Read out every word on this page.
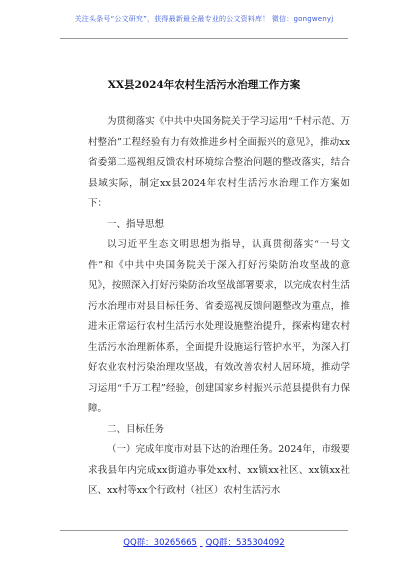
关注头条号“公文研究”，获得最新最全最专业的公文资料库！ 微信：gongwenyj
XX县2024年农村生活污水治理工作方案

为贯彻落实《中共中央国务院关于学习运用“千村示范、万村整治”工程经验有力有效推进乡村全面振兴的意见》，推动xx省委第二巡视组反馈农村环境综合整治问题的整改落实，结合县域实际，制定xx县2024年农村生活污水治理工作方案如下：

一、指导思想

以习近平生态文明思想为指导，认真贯彻落实“一号文件”和《中共中央国务院关于深入打好污染防治攻坚战的意见》，按照深入打好污染防治攻坚战部署要求，以完成农村生活污水治理市对县目标任务、省委巡视反馈问题整改为重点，推进未正常运行农村生活污水处理设施整治提升，探索构建农村生活污水治理新体系，全面提升设施运行管护水平，为深入打好农业农村污染治理攻坚战，有效改善农村人居环境，推动学习运用“千万工程”经验，创建国家乡村振兴示范县提供有力保障。

二、目标任务

（一）完成年度市对县下达的治理任务。2024年，市级要求我县年内完成xx街道办事处xx村、xx镇xx社区、xx镇xx社区、xx村等xx个行政村（社区）农村生活污水

QQ群：30265665 QQ群：535304092
